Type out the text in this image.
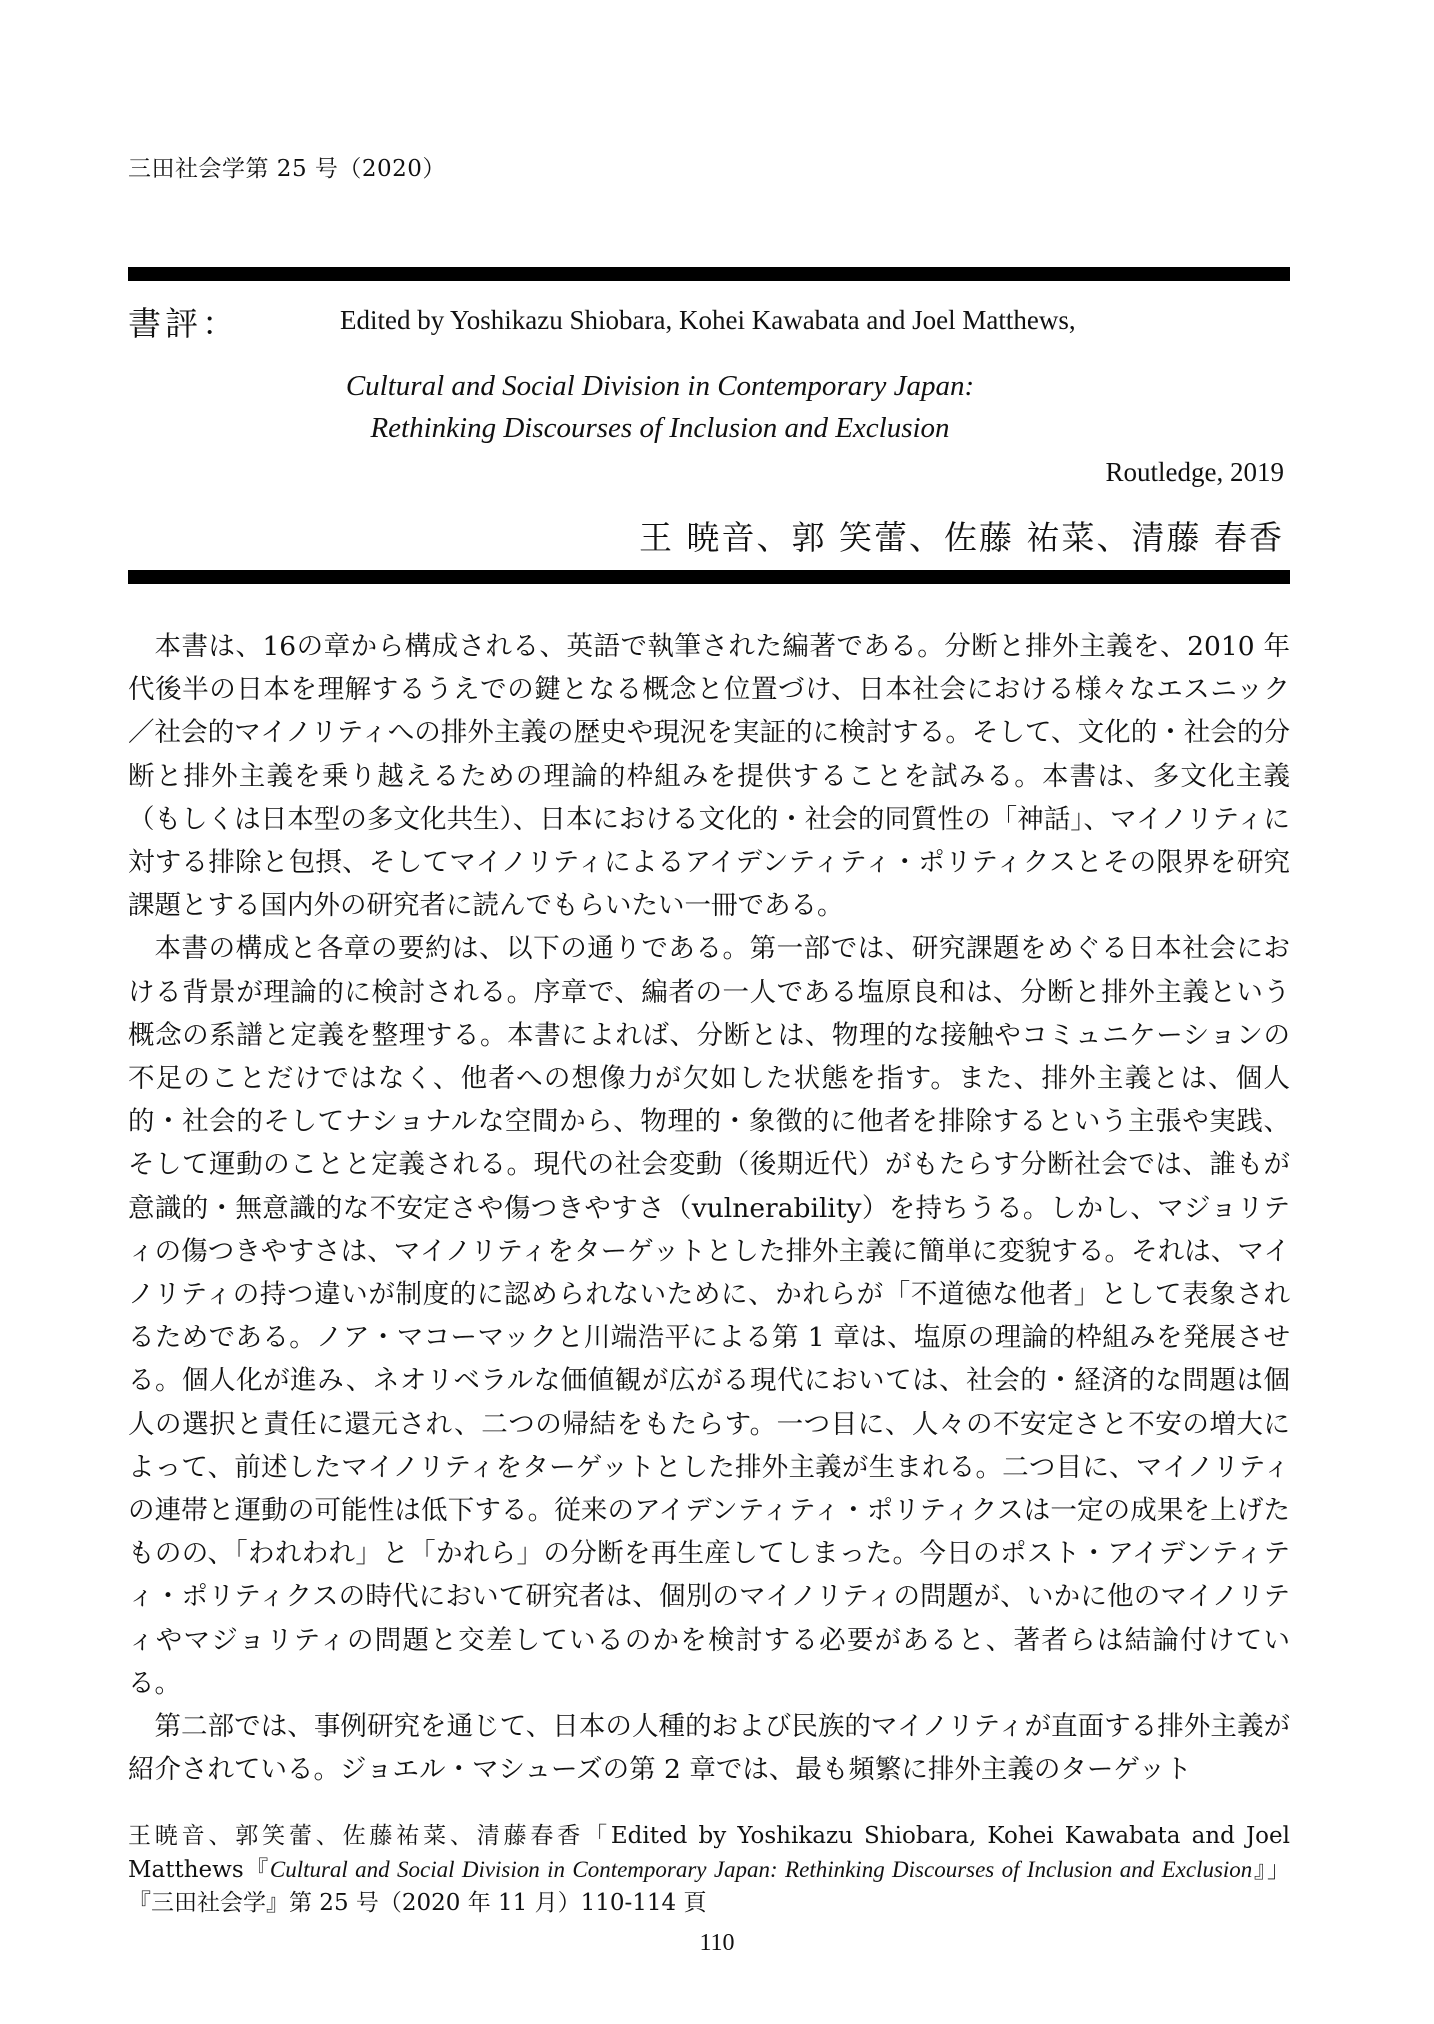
三田社会学第 25 号（2020）
書評：	Edited by Yoshikazu Shiobara, Kohei Kawabata and Joel Matthews,
Cultural and Social Division in Contemporary Japan:
Rethinking Discourses of Inclusion and Exclusion
Routledge, 2019
王 暁音、郭 笑蕾、佐藤 祐菜、清藤 春香

本書は、16の章から構成される、英語で執筆された編著である。分断と排外主義を、2010 年代後半の日本を理解するうえでの鍵となる概念と位置づけ、日本社会における様々なエスニック／社会的マイノリティへの排外主義の歴史や現況を実証的に検討する。そして、文化的・社会的分断と排外主義を乗り越えるための理論的枠組みを提供することを試みる。本書は、多文化主義（もしくは日本型の多文化共生）、日本における文化的・社会的同質性の「神話」、マイノリティに対する排除と包摂、そしてマイノリティによるアイデンティティ・ポリティクスとその限界を研究課題とする国内外の研究者に読んでもらいたい一冊である。

本書の構成と各章の要約は、以下の通りである。第一部では、研究課題をめぐる日本社会における背景が理論的に検討される。序章で、編者の一人である塩原良和は、分断と排外主義という概念の系譜と定義を整理する。本書によれば、分断とは、物理的な接触やコミュニケーションの不足のことだけではなく、他者への想像力が欠如した状態を指す。また、排外主義とは、個人的・社会的そしてナショナルな空間から、物理的・象徴的に他者を排除するという主張や実践、そして運動のことと定義される。現代の社会変動（後期近代）がもたらす分断社会では、誰もが意識的・無意識的な不安定さや傷つきやすさ（vulnerability）を持ちうる。しかし、マジョリティの傷つきやすさは、マイノリティをターゲットとした排外主義に簡単に変貌する。それは、マイノリティの持つ違いが制度的に認められないために、かれらが「不道徳な他者」として表象されるためである。ノア・マコーマックと川端浩平による第 1 章は、塩原の理論的枠組みを発展させる。個人化が進み、ネオリベラルな価値観が広がる現代においては、社会的・経済的な問題は個人の選択と責任に還元され、二つの帰結をもたらす。一つ目に、人々の不安定さと不安の増大によって、前述したマイノリティをターゲットとした排外主義が生まれる。二つ目に、マイノリティの連帯と運動の可能性は低下する。従来のアイデンティティ・ポリティクスは一定の成果を上げたものの、「われわれ」と「かれら」の分断を再生産してしまった。今日のポスト・アイデンティティ・ポリティクスの時代において研究者は、個別のマイノリティの問題が、いかに他のマイノリティやマジョリティの問題と交差しているのかを検討する必要があると、著者らは結論付けている。

第二部では、事例研究を通じて、日本の人種的および民族的マイノリティが直面する排外主義が紹介されている。ジョエル・マシューズの第 2 章では、最も頻繁に排外主義のターゲット

王暁音、郭笑蕾、佐藤祐菜、清藤春香「Edited by Yoshikazu Shiobara, Kohei Kawabata and Joel Matthews『Cultural and Social Division in Contemporary Japan: Rethinking Discourses of Inclusion and Exclusion』」『三田社会学』第 25 号（2020 年 11 月）110-114 頁
110
